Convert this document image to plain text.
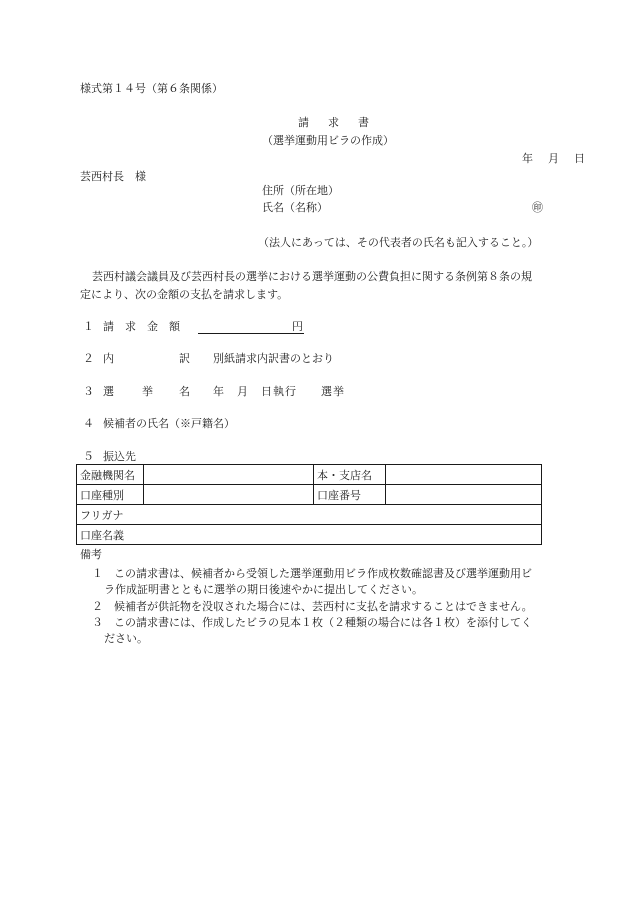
様式第１４号（第６条関係）
請　求　書
（選挙運動用ビラの作成）
年　月　日
芸西村長　様
住所（所在地）
氏名（名称）	㊞
（法人にあっては、その代表者の氏名も記入すること。）
芸西村議会議員及び芸西村長の選挙における選挙運動の公費負担に関する条例第８条の規
定により、次の金額の支払を請求します。
１ 請求金額	円
２ 内	訳 別紙請求内訳書のとおり
３ 選	挙 名 年　月　日執行　　選挙
４ 候補者の氏名（※戸籍名）
５ 振込先
金融機関名		本・支店名	
口座種別		口座番号	
フリガナ			
口座名義			
備考
１ この請求書は、候補者から受領した選挙運動用ビラ作成枚数確認書及び選挙運動用ビ
ラ作成証明書とともに選挙の期日後速やかに提出してください。
２ 候補者が供託物を没収された場合には、芸西村に支払を請求することはできません。
３ この請求書には、作成したビラの見本１枚（２種類の場合には各１枚）を添付してく
ださい。
